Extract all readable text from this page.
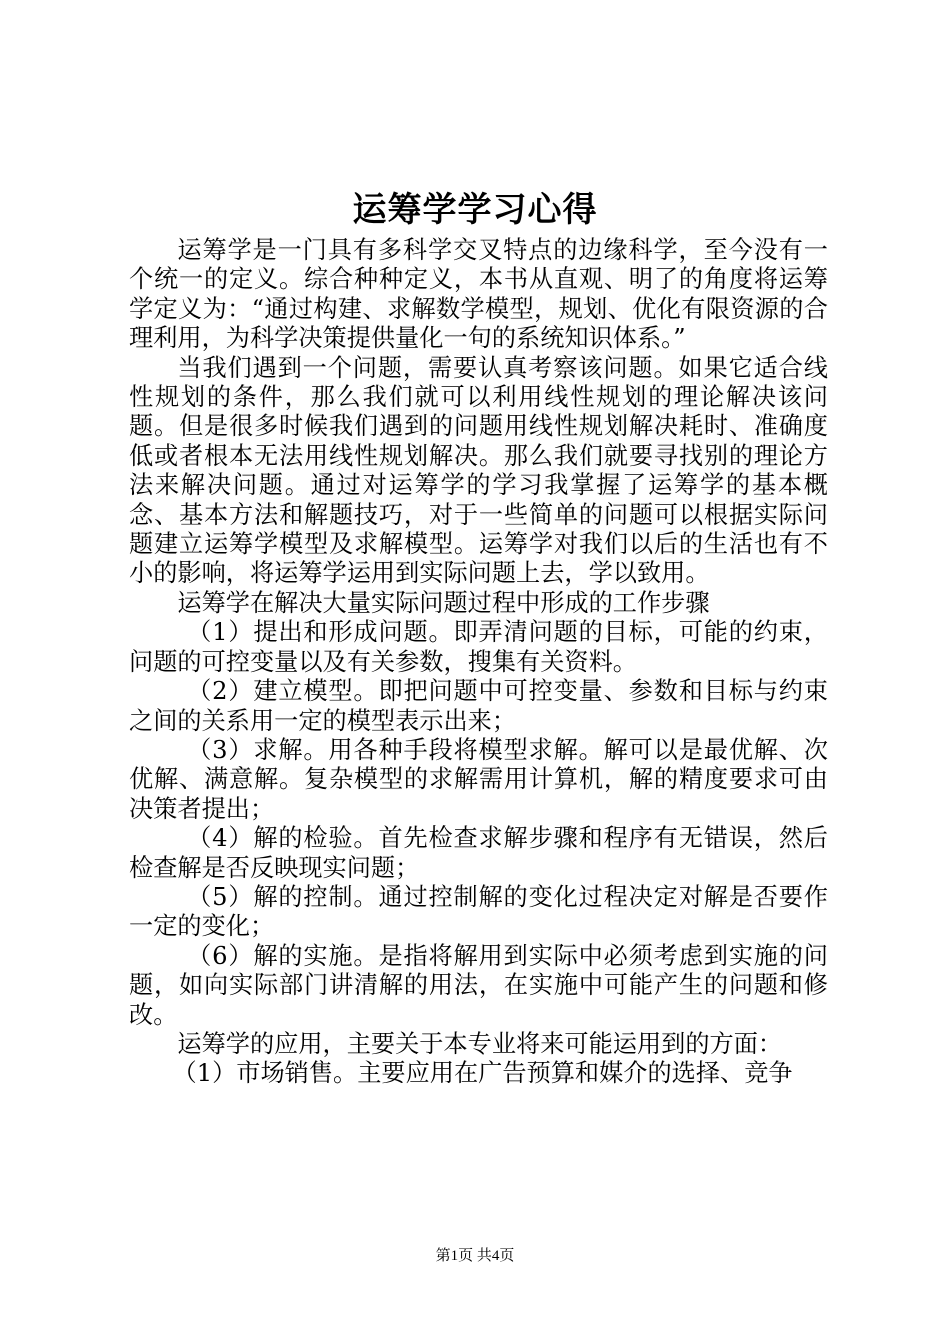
运筹学学习心得

运筹学是一门具有多科学交叉特点的边缘科学，至今没有一个统一的定义。综合种种定义，本书从直观、明了的角度将运筹学定义为：“通过构建、求解数学模型，规划、优化有限资源的合理利用，为科学决策提供量化一句的系统知识体系。”

当我们遇到一个问题，需要认真考察该问题。如果它适合线性规划的条件，那么我们就可以利用线性规划的理论解决该问题。但是很多时候我们遇到的问题用线性规划解决耗时、准确度低或者根本无法用线性规划解决。那么我们就要寻找别的理论方法来解决问题。通过对运筹学的学习我掌握了运筹学的基本概念、基本方法和解题技巧，对于一些简单的问题可以根据实际问题建立运筹学模型及求解模型。运筹学对我们以后的生活也有不小的影响，将运筹学运用到实际问题上去，学以致用。

运筹学在解决大量实际问题过程中形成的工作步骤

（1）提出和形成问题。即弄清问题的目标，可能的约束，问题的可控变量以及有关参数，搜集有关资料。

（2）建立模型。即把问题中可控变量、参数和目标与约束之间的关系用一定的模型表示出来；

（3）求解。用各种手段将模型求解。解可以是最优解、次优解、满意解。复杂模型的求解需用计算机，解的精度要求可由决策者提出；

（4）解的检验。首先检查求解步骤和程序有无错误，然后检查解是否反映现实问题；

（5）解的控制。通过控制解的变化过程决定对解是否要作一定的变化；

（6）解的实施。是指将解用到实际中必须考虑到实施的问题，如向实际部门讲清解的用法，在实施中可能产生的问题和修改。

运筹学的应用，主要关于本专业将来可能运用到的方面：

（1）市场销售。主要应用在广告预算和媒介的选择、竞争

第1页 共4页
